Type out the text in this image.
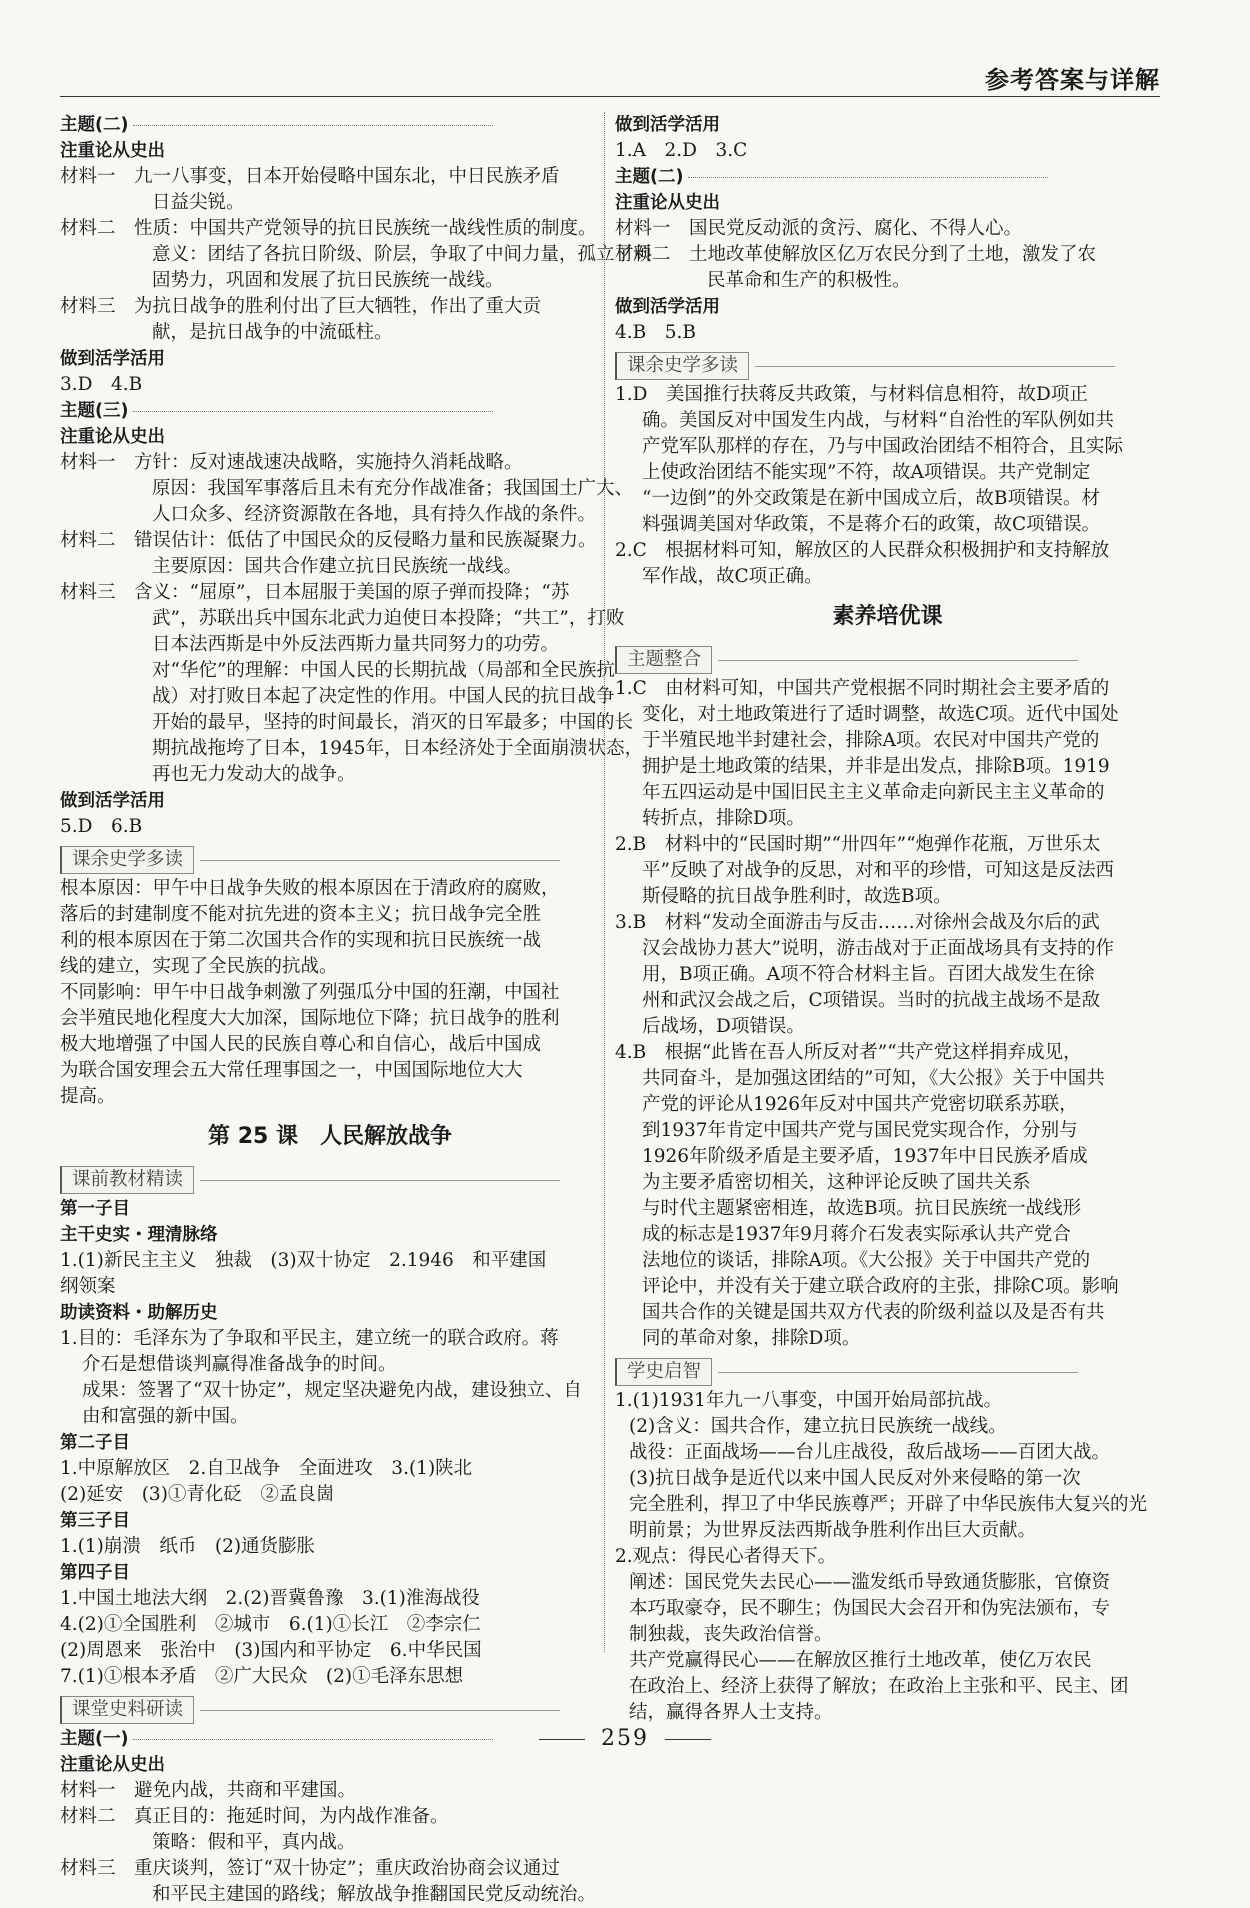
参考答案与详解
主题(二)
注重论从史出
材料一　九一八事变，日本开始侵略中国东北，中日民族矛盾
日益尖锐。
材料二　性质：中国共产党领导的抗日民族统一战线性质的制度。
意义：团结了各抗日阶级、阶层，争取了中间力量，孤立了顽
固势力，巩固和发展了抗日民族统一战线。
材料三　为抗日战争的胜利付出了巨大牺牲，作出了重大贡
献，是抗日战争的中流砥柱。
做到活学活用
3.D　4.B
主题(三)
注重论从史出
材料一　方针：反对速战速决战略，实施持久消耗战略。
原因：我国军事落后且未有充分作战准备；我国国土广大、
人口众多、经济资源散在各地，具有持久作战的条件。
材料二　错误估计：低估了中国民众的反侵略力量和民族凝聚力。
主要原因：国共合作建立抗日民族统一战线。
材料三　含义：“屈原”，日本屈服于美国的原子弹而投降；“苏
武”，苏联出兵中国东北武力迫使日本投降；“共工”，打败
日本法西斯是中外反法西斯力量共同努力的功劳。
对“华佗”的理解：中国人民的长期抗战（局部和全民族抗
战）对打败日本起了决定性的作用。中国人民的抗日战争
开始的最早，坚持的时间最长，消灭的日军最多；中国的长
期抗战拖垮了日本，1945年，日本经济处于全面崩溃状态，
再也无力发动大的战争。
做到活学活用
5.D　6.B
课余史学多读
根本原因：甲午中日战争失败的根本原因在于清政府的腐败，
落后的封建制度不能对抗先进的资本主义；抗日战争完全胜
利的根本原因在于第二次国共合作的实现和抗日民族统一战
线的建立，实现了全民族的抗战。
不同影响：甲午中日战争刺激了列强瓜分中国的狂潮，中国社
会半殖民地化程度大大加深，国际地位下降；抗日战争的胜利
极大地增强了中国人民的民族自尊心和自信心，战后中国成
为联合国安理会五大常任理事国之一，中国国际地位大大
提高。
第 25 课　人民解放战争
课前教材精读
第一子目
主干史实・理清脉络
1.(1)新民主主义　独裁　(3)双十协定　2.1946　和平建国
纲领案
助读资料・助解历史
1.目的：毛泽东为了争取和平民主，建立统一的联合政府。蒋
介石是想借谈判赢得准备战争的时间。
成果：签署了“双十协定”，规定坚决避免内战，建设独立、自
由和富强的新中国。
第二子目
1.中原解放区　2.自卫战争　全面进攻　3.(1)陕北
(2)延安　(3)①青化砭　②孟良崮
第三子目
1.(1)崩溃　纸币　(2)通货膨胀
第四子目
1.中国土地法大纲　2.(2)晋冀鲁豫　3.(1)淮海战役
4.(2)①全国胜利　②城市　6.(1)①长江　②李宗仁
(2)周恩来　张治中　(3)国内和平协定　6.中华民国
7.(1)①根本矛盾　②广大民众　(2)①毛泽东思想
课堂史料研读
主题(一)
注重论从史出
材料一　避免内战，共商和平建国。
材料二　真正目的：拖延时间，为内战作准备。
策略：假和平，真内战。
材料三　重庆谈判，签订“双十协定”；重庆政治协商会议通过
和平民主建国的路线；解放战争推翻国民党反动统治。
做到活学活用
1.A　2.D　3.C
主题(二)
注重论从史出
材料一　国民党反动派的贪污、腐化、不得人心。
材料二　土地改革使解放区亿万农民分到了土地，激发了农
民革命和生产的积极性。
做到活学活用
4.B　5.B
课余史学多读
1.D　美国推行扶蒋反共政策，与材料信息相符，故D项正
确。美国反对中国发生内战，与材料“自治性的军队例如共
产党军队那样的存在，乃与中国政治团结不相符合，且实际
上使政治团结不能实现”不符，故A项错误。共产党制定
“一边倒”的外交政策是在新中国成立后，故B项错误。材
料强调美国对华政策，不是蒋介石的政策，故C项错误。
2.C　根据材料可知，解放区的人民群众积极拥护和支持解放
军作战，故C项正确。
素养培优课
主题整合
1.C　由材料可知，中国共产党根据不同时期社会主要矛盾的
变化，对土地政策进行了适时调整，故选C项。近代中国处
于半殖民地半封建社会，排除A项。农民对中国共产党的
拥护是土地政策的结果，并非是出发点，排除B项。1919
年五四运动是中国旧民主主义革命走向新民主主义革命的
转折点，排除D项。
2.B　材料中的“民国时期”“卅四年”“炮弹作花瓶，万世乐太
平”反映了对战争的反思，对和平的珍惜，可知这是反法西
斯侵略的抗日战争胜利时，故选B项。
3.B　材料“发动全面游击与反击……对徐州会战及尔后的武
汉会战协力甚大”说明，游击战对于正面战场具有支持的作
用，B项正确。A项不符合材料主旨。百团大战发生在徐
州和武汉会战之后，C项错误。当时的抗战主战场不是敌
后战场，D项错误。
4.B　根据“此皆在吾人所反对者”“共产党这样捐弃成见，
共同奋斗，是加强这团结的”可知，《大公报》关于中国共
产党的评论从1926年反对中国共产党密切联系苏联，
到1937年肯定中国共产党与国民党实现合作，分别与
1926年阶级矛盾是主要矛盾，1937年中日民族矛盾成
为主要矛盾密切相关，这种评论反映了国共关系
与时代主题紧密相连，故选B项。抗日民族统一战线形
成的标志是1937年9月蒋介石发表实际承认共产党合
法地位的谈话，排除A项。《大公报》关于中国共产党的
评论中，并没有关于建立联合政府的主张，排除C项。影响
国共合作的关键是国共双方代表的阶级利益以及是否有共
同的革命对象，排除D项。
学史启智
1.(1)1931年九一八事变，中国开始局部抗战。
(2)含义：国共合作，建立抗日民族统一战线。
战役：正面战场——台儿庄战役，敌后战场——百团大战。
(3)抗日战争是近代以来中国人民反对外来侵略的第一次
完全胜利，捍卫了中华民族尊严；开辟了中华民族伟大复兴的光
明前景；为世界反法西斯战争胜利作出巨大贡献。
2.观点：得民心者得天下。
阐述：国民党失去民心——滥发纸币导致通货膨胀，官僚资
本巧取豪夺，民不聊生；伪国民大会召开和伪宪法颁布，专
制独裁，丧失政治信誉。
共产党赢得民心——在解放区推行土地改革，使亿万农民
在政治上、经济上获得了解放；在政治上主张和平、民主、团
结，赢得各界人士支持。
259
